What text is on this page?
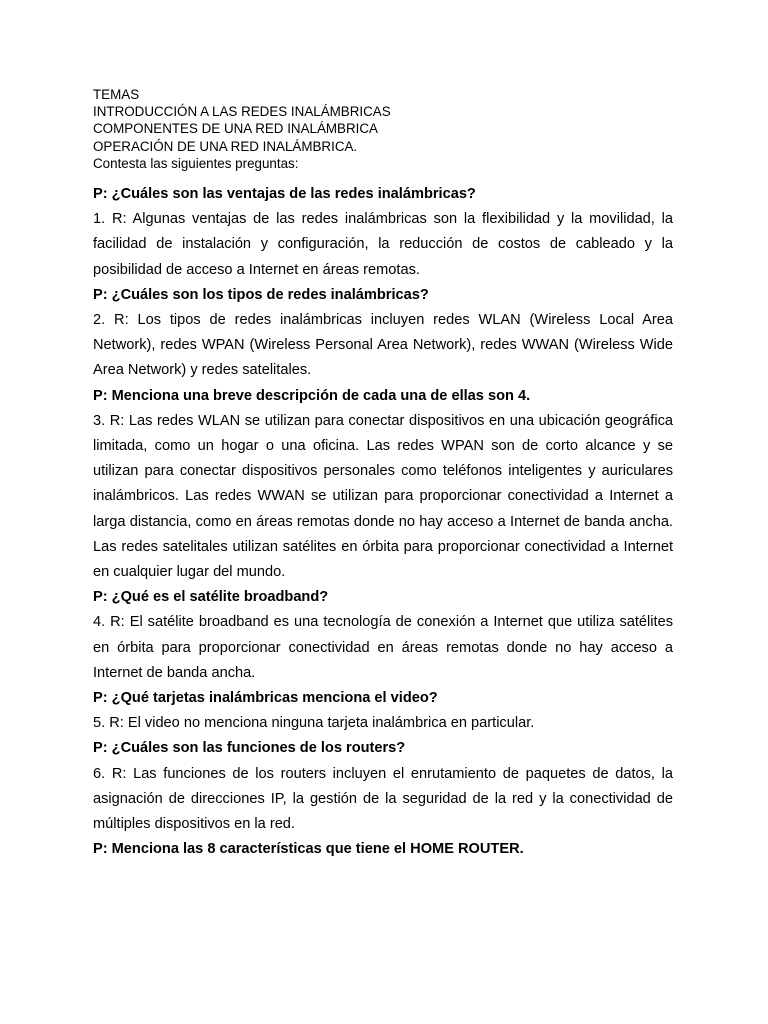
TEMAS
INTRODUCCIÓN A LAS REDES INALÁMBRICAS
COMPONENTES DE UNA RED INALÁMBRICA
OPERACIÓN DE UNA RED INALÁMBRICA.
Contesta las siguientes preguntas:
P: ¿Cuáles son las ventajas de las redes inalámbricas?
1. R: Algunas ventajas de las redes inalámbricas son la flexibilidad y la movilidad, la facilidad de instalación y configuración, la reducción de costos de cableado y la posibilidad de acceso a Internet en áreas remotas.
P: ¿Cuáles son los tipos de redes inalámbricas?
2. R: Los tipos de redes inalámbricas incluyen redes WLAN (Wireless Local Area Network), redes WPAN (Wireless Personal Area Network), redes WWAN (Wireless Wide Area Network) y redes satelitales.
P: Menciona una breve descripción de cada una de ellas son 4.
3. R: Las redes WLAN se utilizan para conectar dispositivos en una ubicación geográfica limitada, como un hogar o una oficina. Las redes WPAN son de corto alcance y se utilizan para conectar dispositivos personales como teléfonos inteligentes y auriculares inalámbricos. Las redes WWAN se utilizan para proporcionar conectividad a Internet a larga distancia, como en áreas remotas donde no hay acceso a Internet de banda ancha. Las redes satelitales utilizan satélites en órbita para proporcionar conectividad a Internet en cualquier lugar del mundo.
P: ¿Qué es el satélite broadband?
4. R: El satélite broadband es una tecnología de conexión a Internet que utiliza satélites en órbita para proporcionar conectividad en áreas remotas donde no hay acceso a Internet de banda ancha.
P: ¿Qué tarjetas inalámbricas menciona el video?
5. R: El video no menciona ninguna tarjeta inalámbrica en particular.
P: ¿Cuáles son las funciones de los routers?
6. R: Las funciones de los routers incluyen el enrutamiento de paquetes de datos, la asignación de direcciones IP, la gestión de la seguridad de la red y la conectividad de múltiples dispositivos en la red.
P: Menciona las 8 características que tiene el HOME ROUTER.
